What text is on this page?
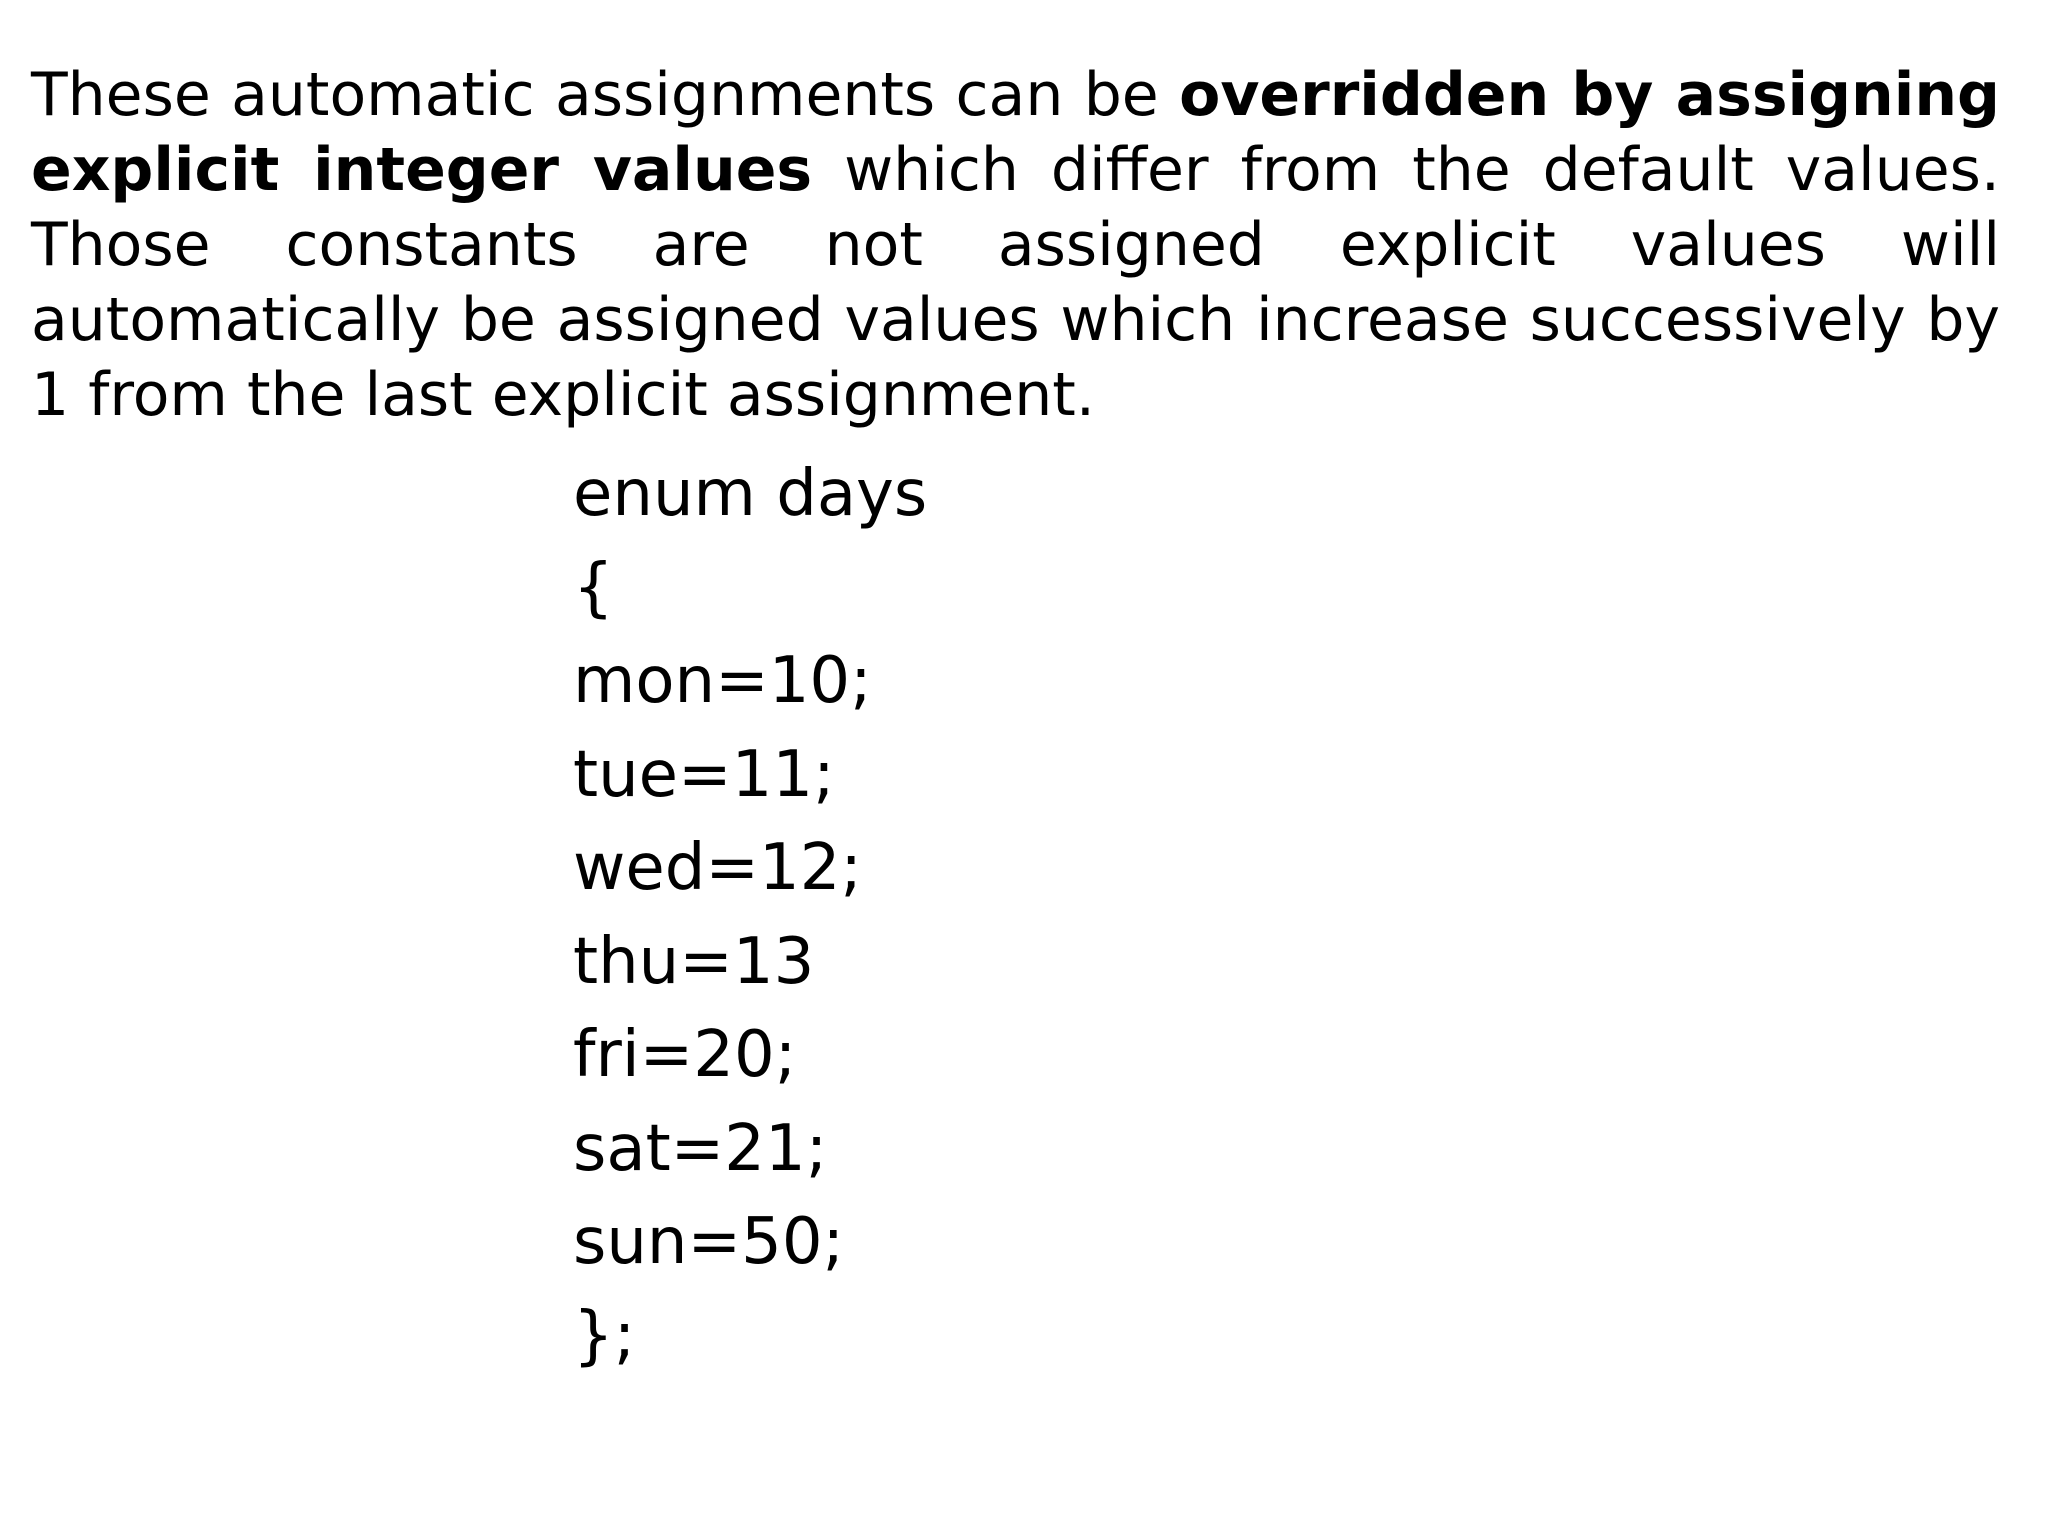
These automatic assignments can be overridden by assigning explicit integer values which differ from the default values. Those constants are not assigned explicit values will automatically be assigned values which increase successively by 1 from the last explicit assignment.
enum days
{
mon=10;
tue=11;
wed=12;
thu=13
fri=20;
sat=21;
sun=50;
};
